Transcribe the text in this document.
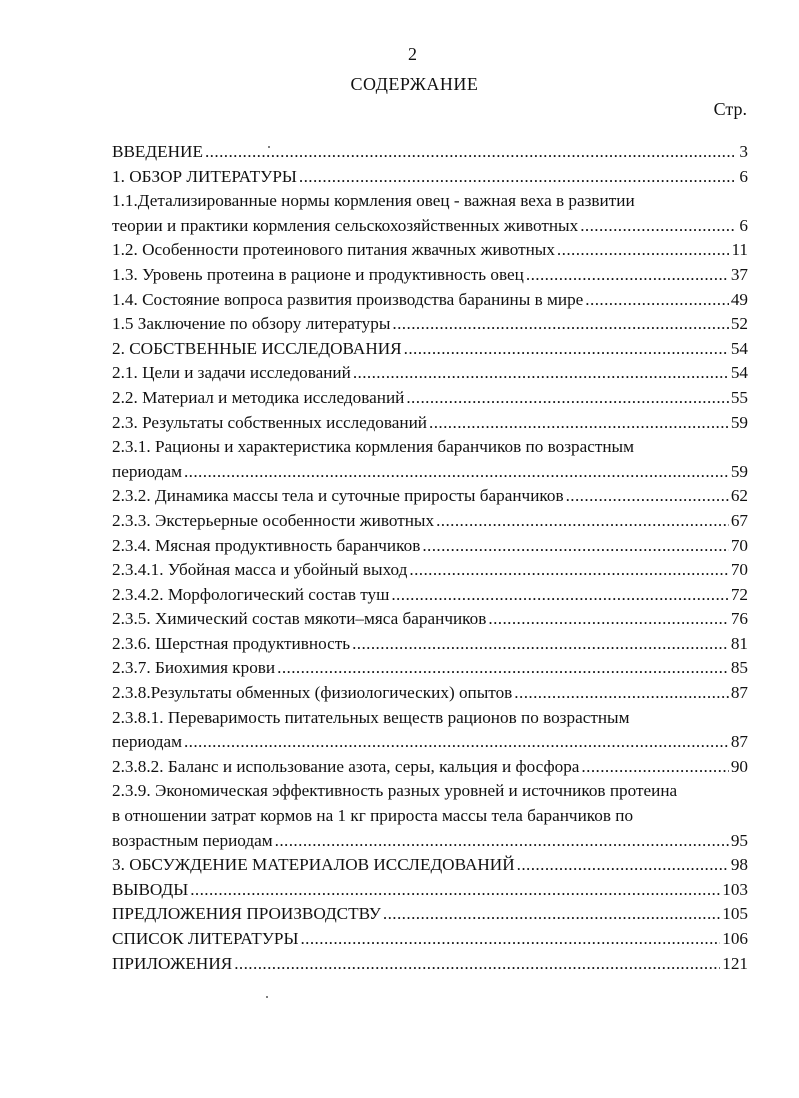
2
СОДЕРЖАНИЕ
Стр.
ВВЕДЕНИЕ .....	3
1. ОБЗОР ЛИТЕРАТУРЫ .....	6
1.1.Детализированные нормы кормления овец - важная веха в развитии
теории и практики кормления сельскохозяйственных животных .....	6
1.2. Особенности протеинового питания жвачных животных .....	11
1.3. Уровень протеина в рационе и продуктивность овец .....	37
1.4. Состояние вопроса развития производства баранины в мире .....	49
1.5 Заключение по обзору литературы .....	52
2. СОБСТВЕННЫЕ ИССЛЕДОВАНИЯ .....	54
2.1. Цели и задачи исследований .....	54
2.2. Материал и методика исследований .....	55
2.3. Результаты собственных исследований .....	59
2.3.1. Рационы и характеристика кормления баранчиков по возрастным
периодам .....	59
2.3.2. Динамика массы тела и суточные приросты баранчиков .....	62
2.3.3. Экстерьерные особенности животных .....	67
2.3.4. Мясная продуктивность баранчиков .....	70
2.3.4.1. Убойная масса и убойный выход .....	70
2.3.4.2. Морфологический состав туш .....	72
2.3.5. Химический состав мякоти–мяса баранчиков .....	76
2.3.6. Шерстная продуктивность .....	81
2.3.7. Биохимия крови .....	85
2.3.8.Результаты обменных (физиологических) опытов .....	87
2.3.8.1. Переваримость питательных веществ рационов по возрастным
периодам .....	87
2.3.8.2. Баланс и использование азота, серы, кальция и фосфора .....	90
2.3.9. Экономическая эффективность разных уровней и источников протеина
в отношении затрат кормов на 1 кг прироста массы тела баранчиков по
возрастным периодам .....	95
3. ОБСУЖДЕНИЕ МАТЕРИАЛОВ ИССЛЕДОВАНИЙ .....	98
ВЫВОДЫ .....	103
ПРЕДЛОЖЕНИЯ ПРОИЗВОДСТВУ .....	105
СПИСОК ЛИТЕРАТУРЫ .....	106
ПРИЛОЖЕНИЯ .....	121
